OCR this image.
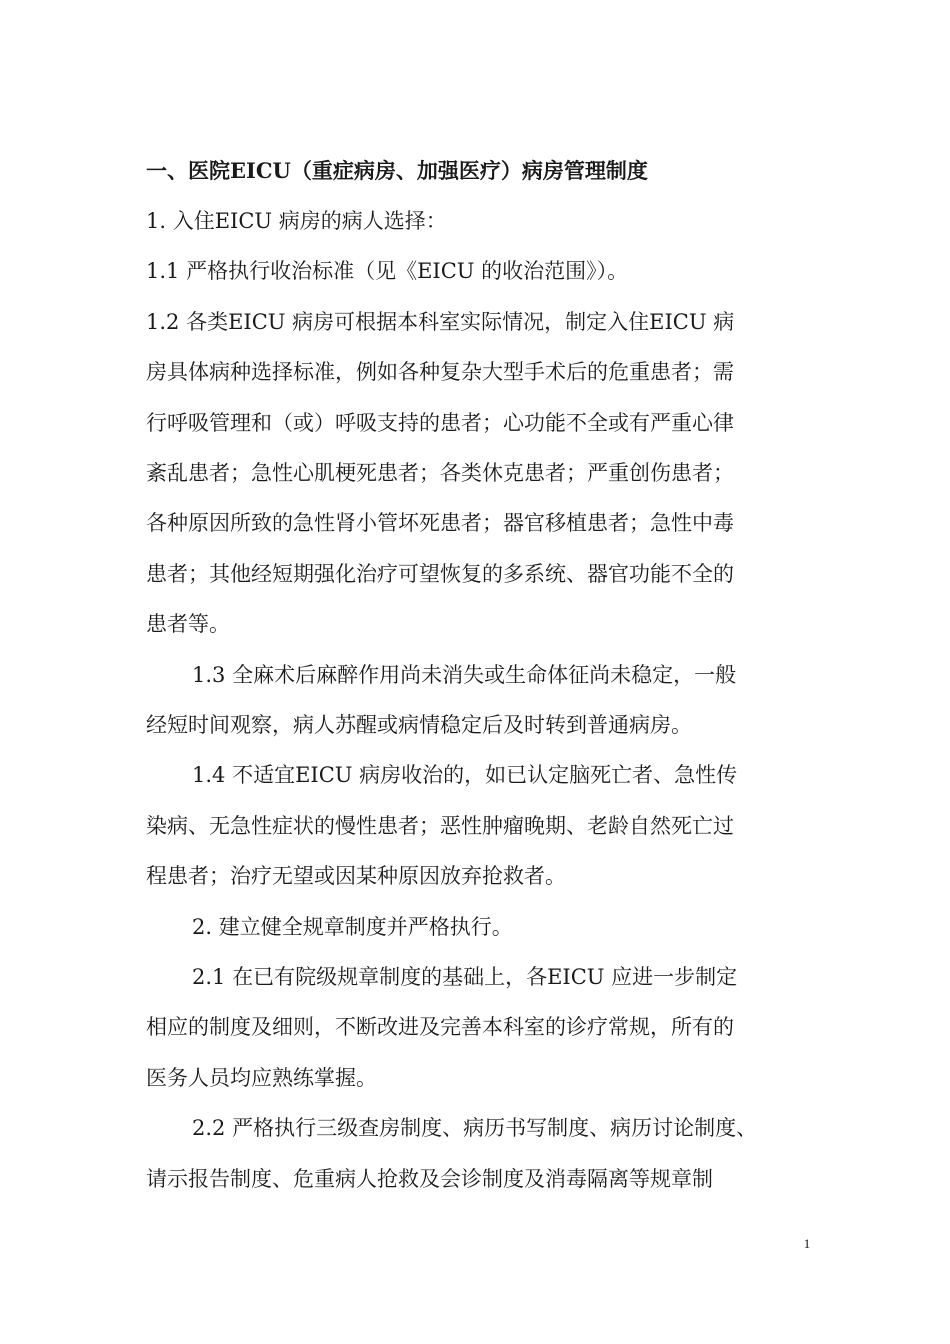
一、医院EICU（重症病房、加强医疗）病房管理制度

1. 入住EICU 病房的病人选择：

1.1 严格执行收治标准（见《EICU 的收治范围》）。

1.2 各类EICU 病房可根据本科室实际情况，制定入住EICU 病
房具体病种选择标准，例如各种复杂大型手术后的危重患者；需
行呼吸管理和（或）呼吸支持的患者；心功能不全或有严重心律
紊乱患者；急性心肌梗死患者；各类休克患者；严重创伤患者；
各种原因所致的急性肾小管坏死患者；器官移植患者；急性中毒
患者；其他经短期强化治疗可望恢复的多系统、器官功能不全的
患者等。

1.3 全麻术后麻醉作用尚未消失或生命体征尚未稳定，一般
经短时间观察，病人苏醒或病情稳定后及时转到普通病房。

1.4 不适宜EICU 病房收治的，如已认定脑死亡者、急性传
染病、无急性症状的慢性患者；恶性肿瘤晚期、老龄自然死亡过
程患者；治疗无望或因某种原因放弃抢救者。

2. 建立健全规章制度并严格执行。

2.1 在已有院级规章制度的基础上，各EICU 应进一步制定
相应的制度及细则，不断改进及完善本科室的诊疗常规，所有的
医务人员均应熟练掌握。

2.2 严格执行三级查房制度、病历书写制度、病历讨论制度、
请示报告制度、危重病人抢救及会诊制度及消毒隔离等规章制

1
